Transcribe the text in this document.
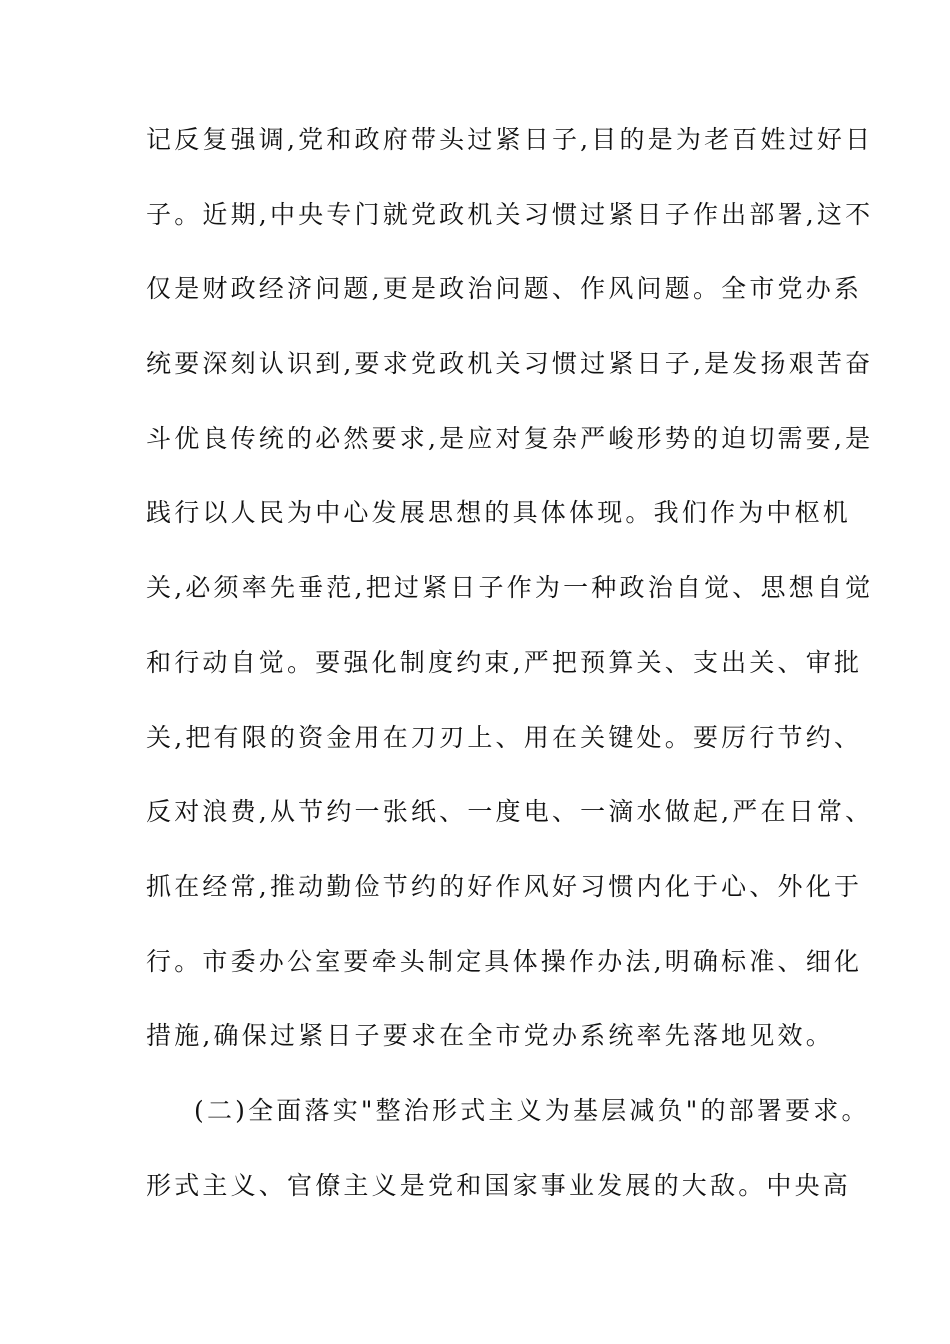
记反复强调,党和政府带头过紧日子,目的是为老百姓过好日
子。近期,中央专门就党政机关习惯过紧日子作出部署,这不
仅是财政经济问题,更是政治问题、作风问题。全市党办系
统要深刻认识到,要求党政机关习惯过紧日子,是发扬艰苦奋
斗优良传统的必然要求,是应对复杂严峻形势的迫切需要,是
践行以人民为中心发展思想的具体体现。我们作为中枢机
关,必须率先垂范,把过紧日子作为一种政治自觉、思想自觉
和行动自觉。要强化制度约束,严把预算关、支出关、审批
关,把有限的资金用在刀刃上、用在关键处。要厉行节约、
反对浪费,从节约一张纸、一度电、一滴水做起,严在日常、
抓在经常,推动勤俭节约的好作风好习惯内化于心、外化于
行。市委办公室要牵头制定具体操作办法,明确标准、细化
措施,确保过紧日子要求在全市党办系统率先落地见效。
(二)全面落实"整治形式主义为基层减负"的部署要求。
形式主义、官僚主义是党和国家事业发展的大敌。中央高
